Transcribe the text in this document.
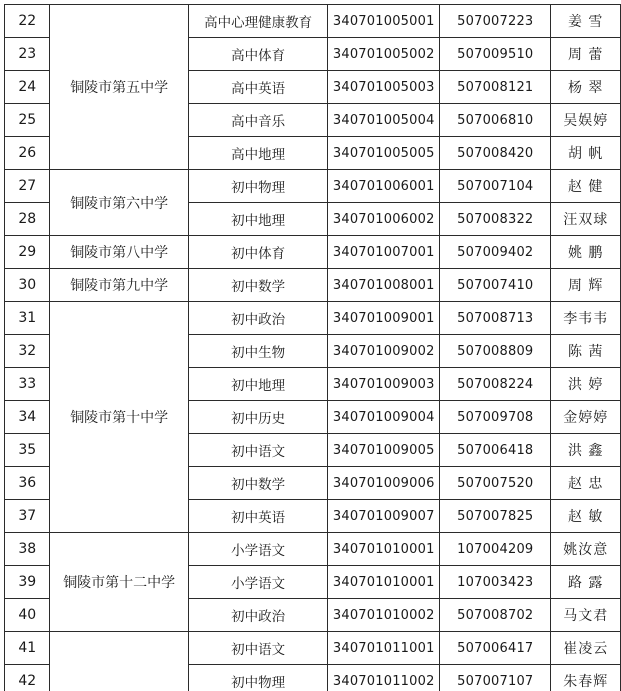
22	铜陵市第五中学	高中心理健康教育	340701005001	507007223	姜 雪
23		高中体育	340701005002	507009510	周 蕾
24		高中英语	340701005003	507008121	杨 翠
25		高中音乐	340701005004	507006810	吴娱婷
26		高中地理	340701005005	507008420	胡 帆
27	铜陵市第六中学	初中物理	340701006001	507007104	赵 健
28		初中地理	340701006002	507008322	汪双球
29	铜陵市第八中学	初中体育	340701007001	507009402	姚 鹏
30	铜陵市第九中学	初中数学	340701008001	507007410	周 辉
31	铜陵市第十中学	初中政治	340701009001	507008713	李韦韦
32		初中生物	340701009002	507008809	陈 茜
33		初中地理	340701009003	507008224	洪 婷
34		初中历史	340701009004	507009708	金婷婷
35		初中语文	340701009005	507006418	洪 鑫
36		初中数学	340701009006	507007520	赵 忠
37		初中英语	340701009007	507007825	赵 敏
38	铜陵市第十二中学	小学语文	340701010001	107004209	姚汝意
39		小学语文	340701010001	107003423	路 露
40		初中政治	340701010002	507008702	马文君
41		初中语文	340701011001	507006417	崔凌云
42		初中物理	340701011002	507007107	朱春辉
